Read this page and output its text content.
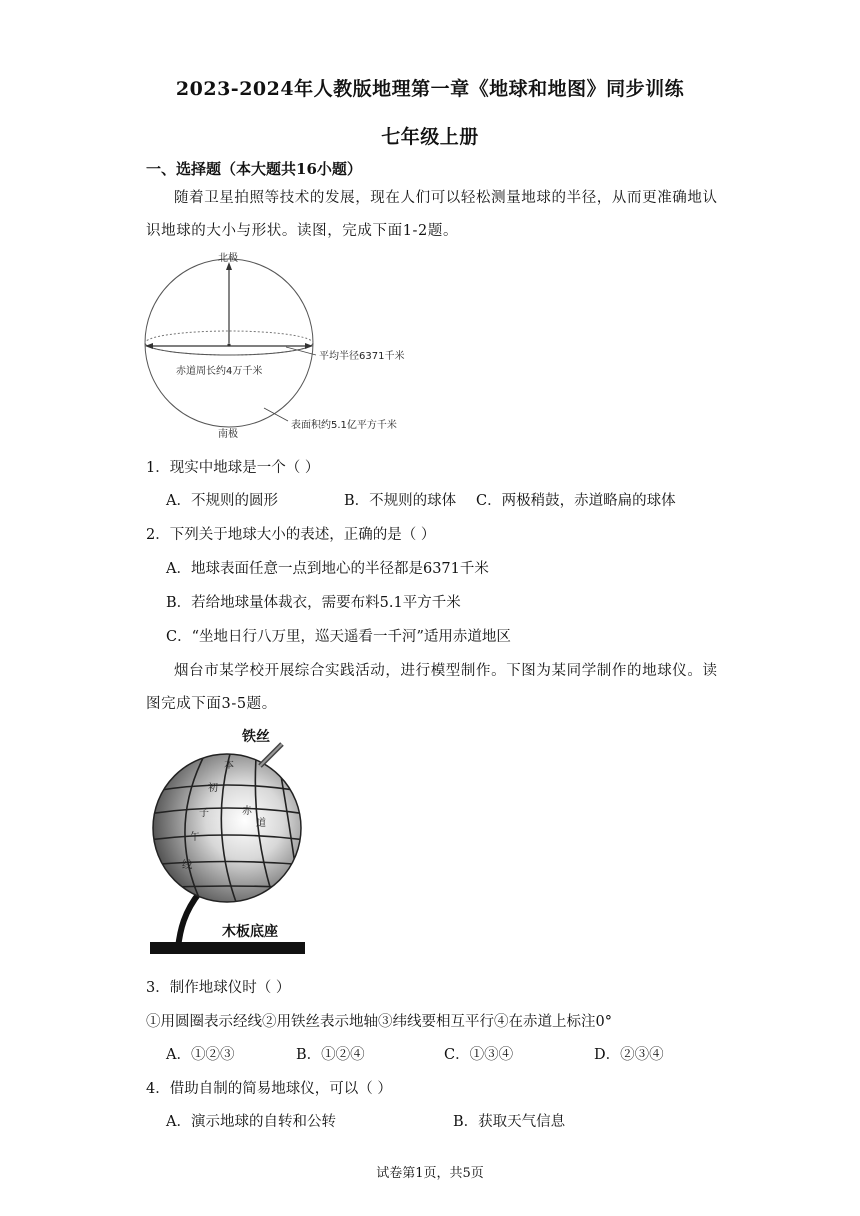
2023-2024年人教版地理第一章《地球和地图》同步训练
七年级上册
一、选择题（本大题共16小题）
随着卫星拍照等技术的发展，现在人们可以轻松测量地球的半径，从而更准确地认
识地球的大小与形状。读图，完成下面1-2题。
北极
南极
平均半径6371千米
赤道周长约4万千米
表面积约5.1亿平方千米
1．现实中地球是一个（ ）
A．不规则的圆形	B．不规则的球体 C．两极稍鼓，赤道略扁的球体
2．下列关于地球大小的表述，正确的是（ ）
A．地球表面任意一点到地心的半径都是6371千米
B．若给地球量体裁衣，需要布料5.1平方千米
C．“坐地日行八万里，巡天遥看一千河”适用赤道地区
烟台市某学校开展综合实践活动，进行模型制作。下图为某同学制作的地球仪。读
图完成下面3-5题。
铁丝
本
初
子
午
线
赤
道
木板底座
3．制作地球仪时（ ）
①用圆圈表示经线②用铁丝表示地轴③纬线要相互平行④在赤道上标注0°
A．①②③	B．①②④	C．①③④	D．②③④
4．借助自制的简易地球仪，可以（ ）
A．演示地球的自转和公转	B．获取天气信息
试卷第1页，共5页
